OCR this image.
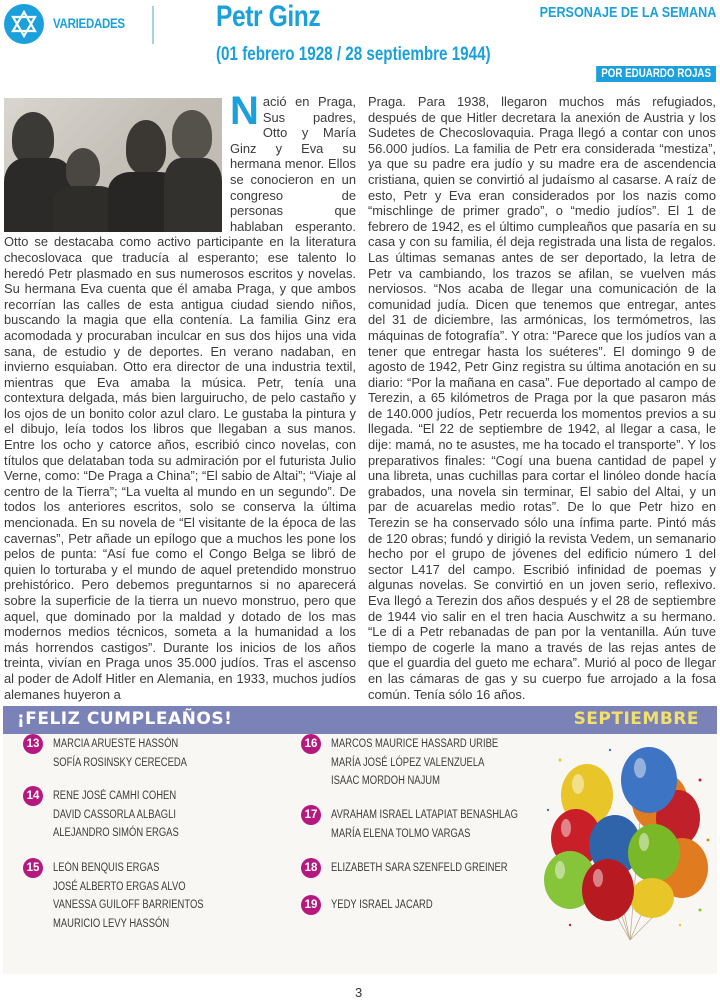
VARIEDADES	Petr Ginz
(01 febrero 1928 / 28 septiembre 1944)
PERSONAJE DE LA SEMANA
POR EDUARDO ROJAS
N ació en Praga, Sus padres, Otto y María Ginz y Eva su hermana menor. Ellos se conocieron en un congreso de personas que hablaban esperanto. Otto se destacaba como activo participante en la literatura checoslovaca que traducía al esperanto; ese talento lo heredó Petr plasmado en sus numerosos escritos y novelas. Su hermana Eva cuenta que él amaba Praga, y que ambos recorrían las calles de esta antigua ciudad siendo niños, buscando la magia que ella contenía. La familia Ginz era acomodada y procuraban inculcar en sus dos hijos una vida sana, de estudio y de deportes. En verano nadaban, en invierno esquiaban. Otto era director de una industria textil, mientras que Eva amaba la música. Petr, tenía una contextura delgada, más bien larguirucho, de pelo castaño y los ojos de un bonito color azul claro. Le gustaba la pintura y el dibujo, leía todos los libros que llegaban a sus manos. Entre los ocho y catorce años, escribió cinco novelas, con títulos que delataban toda su admiración por el futurista Julio Verne, como: “De Praga a China”; “El sabio de Altai”; “Viaje al centro de la Tierra”; “La vuelta al mundo en un segundo”. De todos los anteriores escritos, solo se conserva la última mencionada. En su novela de “El visitante de la época de las cavernas”, Petr añade un epílogo que a muchos les pone los pelos de punta: “Así fue como el Congo Belga se libró de quien lo torturaba y el mundo de aquel pretendido monstruo prehistórico. Pero debemos preguntarnos si no aparecerá sobre la superficie de la tierra un nuevo monstruo, pero que aquel, que dominado por la maldad y dotado de los mas modernos medios técnicos, someta a la humanidad a los más horrendos castigos”. Durante los inicios de los años treinta, vivían en Praga unos 35.000 judíos. Tras el ascenso al poder de Adolf Hitler en Alemania, en 1933, muchos judíos alemanes huyeron a
Praga. Para 1938, llegaron muchos más refugiados, después de que Hitler decretara la anexión de Austria y los Sudetes de Checoslovaquia. Praga llegó a contar con unos 56.000 judíos. La familia de Petr era considerada “mestiza”, ya que su padre era judío y su madre era de ascendencia cristiana, quien se convirtió al judaísmo al casarse. A raíz de esto, Petr y Eva eran considerados por los nazis como “mischlinge de primer grado”, o “medio judíos”. El 1 de febrero de 1942, es el último cumpleaños que pasaría en su casa y con su familia, él deja registrada una lista de regalos. Las últimas semanas antes de ser deportado, la letra de Petr va cambiando, los trazos se afilan, se vuelven más nerviosos. “Nos acaba de llegar una comunicación de la comunidad judía. Dicen que tenemos que entregar, antes del 31 de diciembre, las armónicas, los termómetros, las máquinas de fotografía”. Y otra: “Parece que los judíos van a tener que entregar hasta los suéteres”. El domingo 9 de agosto de 1942, Petr Ginz registra su última anotación en su diario: “Por la mañana en casa”. Fue deportado al campo de Terezin, a 65 kilómetros de Praga por la que pasaron más de 140.000 judíos, Petr recuerda los momentos previos a su llegada. “El 22 de septiembre de 1942, al llegar a casa, le dije: mamá, no te asustes, me ha tocado el transporte”. Y los preparativos finales: “Cogí una buena cantidad de papel y una libreta, unas cuchillas para cortar el linóleo donde hacía grabados, una novela sin terminar, El sabio del Altai, y un par de acuarelas medio rotas”. De lo que Petr hizo en Terezin se ha conservado sólo una ínfima parte. Pintó más de 120 obras; fundó y dirigió la revista Vedem, un semanario hecho por el grupo de jóvenes del edificio número 1 del sector L417 del campo. Escribió infinidad de poemas y algunas novelas. Se convirtió en un joven serio, reflexivo. Eva llegó a Terezin dos años después y el 28 de septiembre de 1944 vio salir en el tren hacia Auschwitz a su hermano. “Le di a Petr rebanadas de pan por la ventanilla. Aún tuve tiempo de cogerle la mano a través de las rejas antes de que el guardia del gueto me echara”. Murió al poco de llegar en las cámaras de gas y su cuerpo fue arrojado a la fosa común. Tenía sólo 16 años.
¡FELIZ CUMPLEAÑOS!	SEPTIEMBRE
13	MARCIA ARUESTE HASSÓN
SOFÍA ROSINSKY CERECEDA
14	RENE JOSÉ CAMHI COHEN
DAVID CASSORLA ALBAGLI
ALEJANDRO SIMÓN ERGAS
15	LEÓN BENQUIS ERGAS
JOSÉ ALBERTO ERGAS ALVO
VANESSA GUILOFF BARRIENTOS
MAURICIO LEVY HASSÓN
16	MARCOS MAURICE HASSARD URIBE
MARÍA JOSÉ LÓPEZ VALENZUELA
ISAAC MORDOH NAJUM
17	AVRAHAM ISRAEL LATAPIAT BENASHLAG
MARÍA ELENA TOLMO VARGAS
18	ELIZABETH SARA SZENFELD GREINER
19	YEDY ISRAEL JACARD
3
